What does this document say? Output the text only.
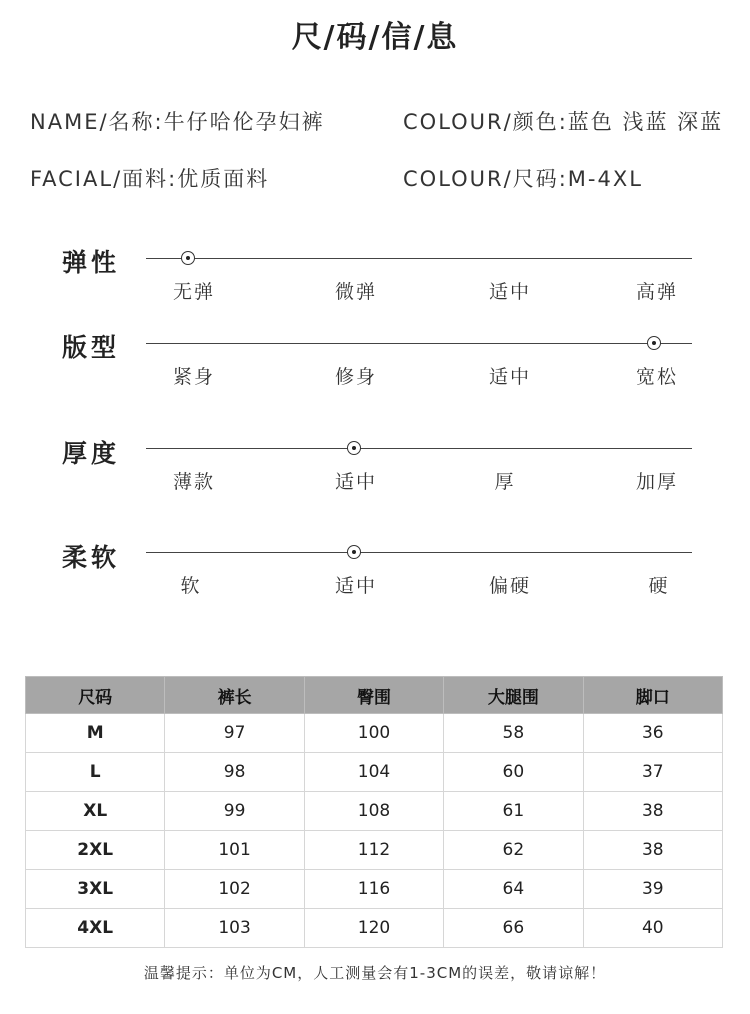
尺/码/信/息
NAME/名称:牛仔哈伦孕妇裤	COLOUR/颜色:蓝色 浅蓝 深蓝
FACIAL/面料:优质面料	COLOUR/尺码:M-4XL
弹性
无弹	微弹	适中	高弹
版型
紧身	修身	适中	宽松
厚度
薄款	适中	厚	加厚
柔软
软	适中	偏硬	硬
尺码	裤长	臀围	大腿围	脚口
M	97	100	58	36
L	98	104	60	37
XL	99	108	61	38
2XL	101	112	62	38
3XL	102	116	64	39
4XL	103	120	66	40
温馨提示：单位为CM，人工测量会有1-3CM的误差，敬请谅解！
